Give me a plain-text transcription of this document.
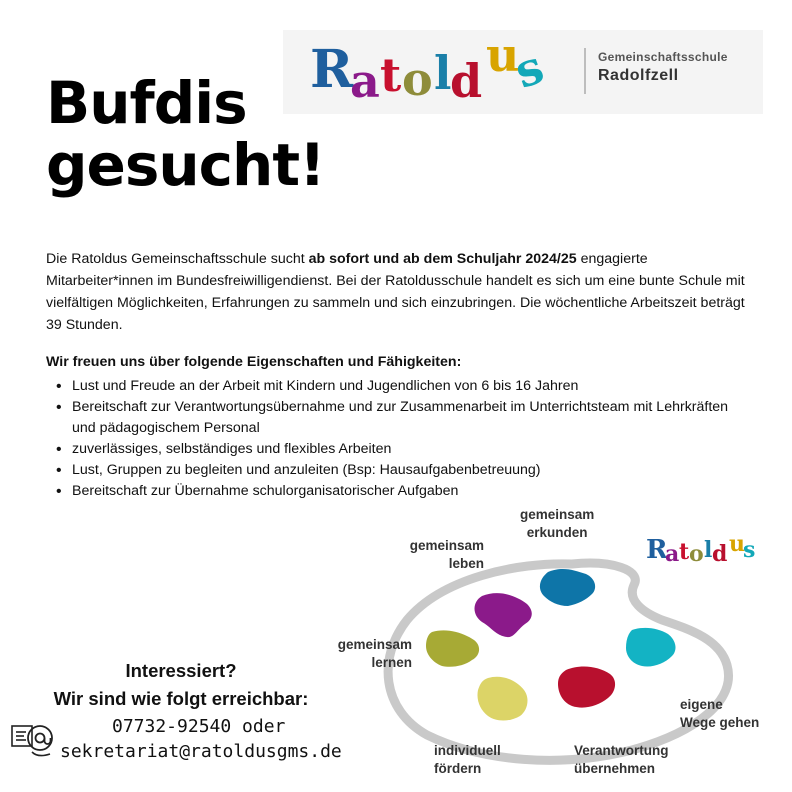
R
a t o l
d u
s	Gemeinschaftsschule
Radolfzell
Bufdis
gesucht!
Die Ratoldus Gemeinschaftsschule sucht ab sofort und ab dem Schuljahr 2024/25 engagierte Mitarbeiter*innen im Bundesfreiwilligendienst. Bei der Ratoldusschule handelt es sich um eine bunte Schule mit vielfältigen Möglichkeiten, Erfahrungen zu sammeln und sich einzubringen. Die wöchentliche Arbeitszeit beträgt 39 Stunden.
Wir freuen uns über folgende Eigenschaften und Fähigkeiten:
• Lust und Freude an der Arbeit mit Kindern und Jugendlichen von 6 bis 16 Jahren
• Bereitschaft zur Verantwortungsübernahme und zur Zusammenarbeit im Unterrichtsteam mit Lehrkräften und pädagogischem Personal
• zuverlässiges, selbständiges und flexibles Arbeiten
• Lust, Gruppen zu begleiten und anzuleiten (Bsp: Hausaufgabenbetreuung)
• Bereitschaft zur Übernahme schulorganisatorischer Aufgaben
Interessiert?
Wir sind wie folgt erreichbar:
07732-92540 oder
sekretariat@ratoldusgms.de
R
a t o l d u
s
gemeinsam
erkunden
gemeinsam
leben
gemeinsam
lernen
eigene
Wege gehen
individuell
fördern
Verantwortung
übernehmen
